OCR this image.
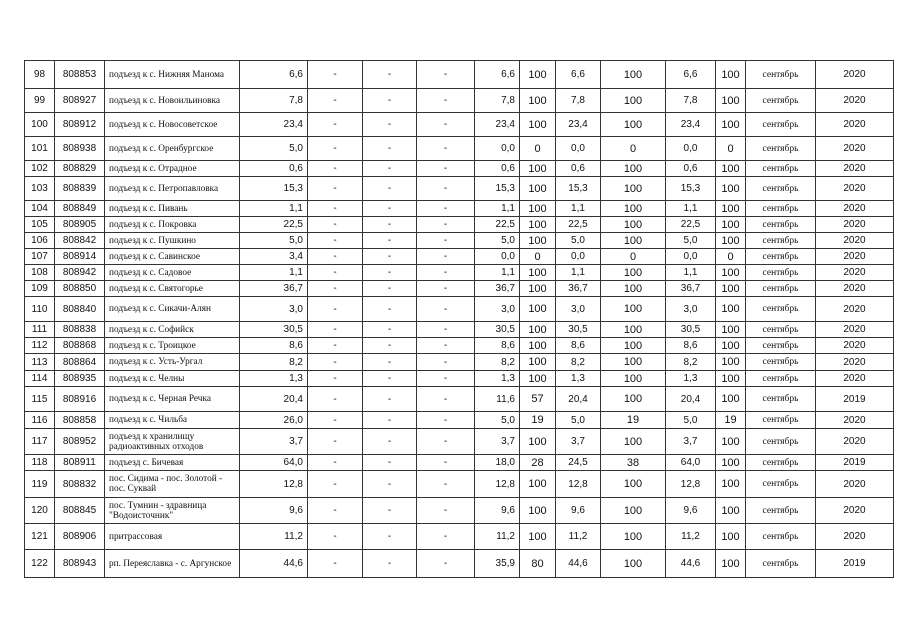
98	808853	подъезд к с. Нижняя Манома	6,6	-	-	-	6,6	100	6,6	100	6,6	100	сентябрь	2020
99	808927	подъезд к с. Новоильиновка	7,8	-	-	-	7,8	100	7,8	100	7,8	100	сентябрь	2020
100	808912	подъезд к с. Новосоветское	23,4	-	-	-	23,4	100	23,4	100	23,4	100	сентябрь	2020
101	808938	подъезд к с. Оренбургское	5,0	-	-	-	0,0	0	0,0	0	0,0	0	сентябрь	2020
102	808829	подъезд к с. Отрадное	0,6	-	-	-	0,6	100	0,6	100	0,6	100	сентябрь	2020
103	808839	подъезд к с. Петропавловка	15,3	-	-	-	15,3	100	15,3	100	15,3	100	сентябрь	2020
104	808849	подъезд к с. Пивань	1,1	-	-	-	1,1	100	1,1	100	1,1	100	сентябрь	2020
105	808905	подъезд к с. Покровка	22,5	-	-	-	22,5	100	22,5	100	22,5	100	сентябрь	2020
106	808842	подъезд к с. Пушкино	5,0	-	-	-	5,0	100	5,0	100	5,0	100	сентябрь	2020
107	808914	подъезд к с. Савинское	3,4	-	-	-	0,0	0	0,0	0	0,0	0	сентябрь	2020
108	808942	подъезд к с. Садовое	1,1	-	-	-	1,1	100	1,1	100	1,1	100	сентябрь	2020
109	808850	подъезд к с. Святогорье	36,7	-	-	-	36,7	100	36,7	100	36,7	100	сентябрь	2020
110	808840	подъезд к с. Сикачи-Алян	3,0	-	-	-	3,0	100	3,0	100	3,0	100	сентябрь	2020
111	808838	подъезд к с. Софийск	30,5	-	-	-	30,5	100	30,5	100	30,5	100	сентябрь	2020
112	808868	подъезд к с. Троицкое	8,6	-	-	-	8,6	100	8,6	100	8,6	100	сентябрь	2020
113	808864	подъезд к с. Усть-Ургал	8,2	-	-	-	8,2	100	8,2	100	8,2	100	сентябрь	2020
114	808935	подъезд к с. Челны	1,3	-	-	-	1,3	100	1,3	100	1,3	100	сентябрь	2020
115	808916	подъезд к с. Черная Речка	20,4	-	-	-	11,6	57	20,4	100	20,4	100	сентябрь	2019
116	808858	подъезд к с. Чильба	26,0	-	-	-	5,0	19	5,0	19	5,0	19	сентябрь	2020
117	808952	подъезд к хранилищу радиоактивных отходов	3,7	-	-	-	3,7	100	3,7	100	3,7	100	сентябрь	2020
118	808911	подъезд с. Бичевая	64,0	-	-	-	18,0	28	24,5	38	64,0	100	сентябрь	2019
119	808832	пос. Сидима - пос. Золотой - пос. Суквай	12,8	-	-	-	12,8	100	12,8	100	12,8	100	сентябрь	2020
120	808845	пос. Тумнин - здравница "Водоисточник"	9,6	-	-	-	9,6	100	9,6	100	9,6	100	сентябрь	2020
121	808906	притрассовая	11,2	-	-	-	11,2	100	11,2	100	11,2	100	сентябрь	2020
122	808943	рп. Переяславка - с. Аргунское	44,6	-	-	-	35,9	80	44,6	100	44,6	100	сентябрь	2019
